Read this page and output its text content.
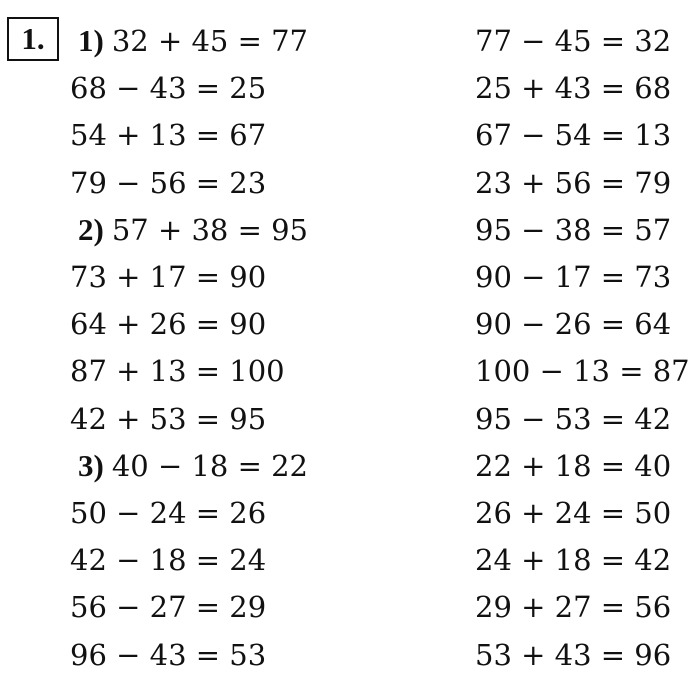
1.	1) 32 + 45 = 77
68 − 43 = 25
54 + 13 = 67
79 − 56 = 23
2) 57 + 38 = 95
73 + 17 = 90
64 + 26 = 90
87 + 13 = 100
42 + 53 = 95
3) 40 − 18 = 22
50 − 24 = 26
42 − 18 = 24
56 − 27 = 29
96 − 43 = 53
77 − 45 = 32
25 + 43 = 68
67 − 54 = 13
23 + 56 = 79
95 − 38 = 57
90 − 17 = 73
90 − 26 = 64
100 − 13 = 87
95 − 53 = 42
22 + 18 = 40
26 + 24 = 50
24 + 18 = 42
29 + 27 = 56
53 + 43 = 96
